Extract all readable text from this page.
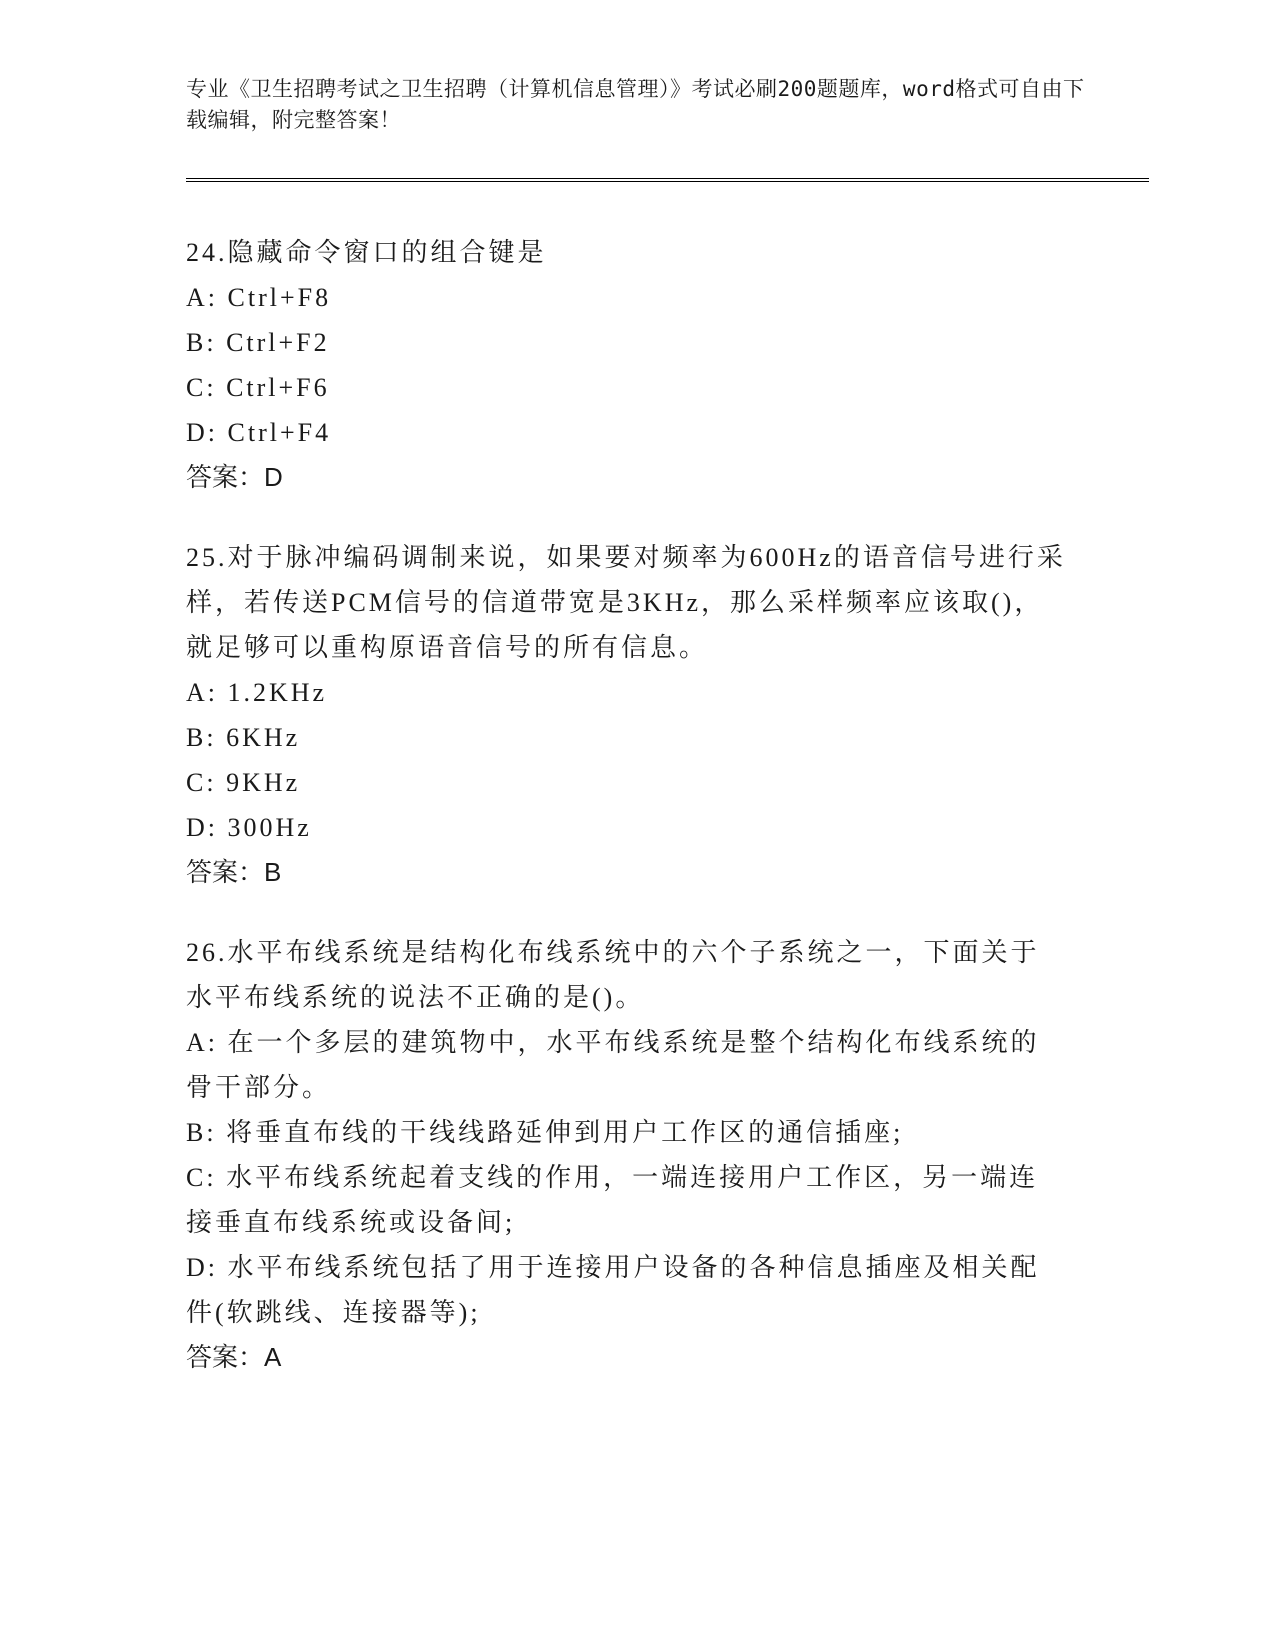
专业《卫生招聘考试之卫生招聘（计算机信息管理）》考试必刷200题题库，word格式可自由下载编辑，附完整答案！

24.隐藏命令窗口的组合键是

A: Ctrl+F8

B: Ctrl+F2

C: Ctrl+F6

D: Ctrl+F4

答案：D

25.对于脉冲编码调制来说，如果要对频率为600Hz的语音信号进行采样，若传送PCM信号的信道带宽是3KHz，那么采样频率应该取()，就足够可以重构原语音信号的所有信息。

A: 1.2KHz

B: 6KHz

C: 9KHz

D: 300Hz

答案：B

26.水平布线系统是结构化布线系统中的六个子系统之一，下面关于水平布线系统的说法不正确的是()。

A: 在一个多层的建筑物中，水平布线系统是整个结构化布线系统的骨干部分。

B: 将垂直布线的干线线路延伸到用户工作区的通信插座;

C: 水平布线系统起着支线的作用，一端连接用户工作区，另一端连接垂直布线系统或设备间;

D: 水平布线系统包括了用于连接用户设备的各种信息插座及相关配件(软跳线、连接器等);

答案：A
